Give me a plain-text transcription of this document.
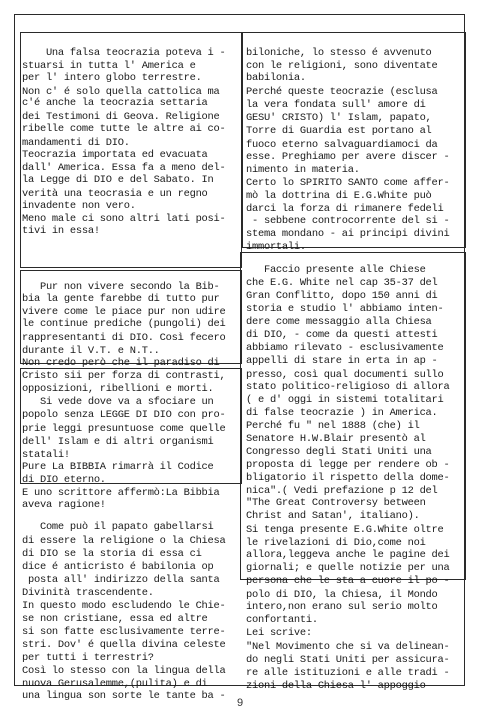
Una falsa teocrazia poteva i -
stuarsi in tutta l' America e
per l' intero globo terrestre.
Non c' é solo quella cattolica ma
c'é anche la teocrazia settaria
dei Testimoni di Geova. Religione
ribelle come tutte le altre ai co-
mandamenti di DIO.
Teocrazia importata ed evacuata
dall' America. Essa fa a meno del-
la Legge di DIO e del Sabato. In
verità una teocrasia e un regno
invadente non vero.
Meno male ci sono altri lati posi-
tivi in essa!
Pur non vivere secondo la Bib-
bia la gente farebbe di tutto pur
vivere come le piace pur non udire
le continue prediche (pungoli) dei
rappresentanti di DIO. Così fecero
durante il V.T. e N.T..
Non credo però che il paradiso di
Cristo sii per forza di contrasti,
opposizioni, ribellioni e morti.
Si vede dove va a sfociare un
popolo senza LEGGE DI DIO con pro-
prie leggi presuntuose come quelle
dell' Islam e di altri organismi
statali!
Pure La BIBBIA rimarrà il Codice
di DIO eterno.
E uno scrittore affermò:La Bibbia
aveva ragione!
Come può il papato gabellarsi
di essere la religione o la Chiesa
di DIO se la storia di essa ci
dice é anticristo é babilonia op
posta all' indirizzo della santa
Divinità trascendente.
In questo modo escludendo le Chie-
se non cristiane, essa ed altre
si son fatte esclusivamente terre-
stri. Dov' é quella divina celeste
per tutti i terrestri?
Così lo stesso con la lingua della
nuova Gerusalemme,(pulita) e di
una lingua son sorte le tante ba -
biloniche, lo stesso é avvenuto
con le religioni, sono diventate
babilonia.
Perché queste teocrazie (esclusa
la vera fondata sull' amore di
GESU' CRISTO) l' Islam, papato,
Torre di Guardia est portano al
fuoco eterno salvaguardiamoci da
esse. Preghiamo per avere discer -
nimento in materia.
Certo lo SPIRITO SANTO come affer-
mò la dottrina di E.G.White può
darci la forza di rimanere fedeli
- sebbene controcorrente del si -
stema mondano - ai principi divini
immortali.
Faccio presente alle Chiese
che E.G. White nel cap 35-37 del
Gran Conflitto, dopo 150 anni di
storia e studio l' abbiamo inten-
dere come messaggio alla Chiesa
di DIO, - come da questi attesti
abbiamo rilevato - esclusivamente
appelli di stare in erta in ap -
presso, così qual documenti sullo
stato politico-religioso di allora
( e d' oggi in sistemi totalitari
di false teocrazie ) in America.
Perché fu " nel 1888 (che) il
Senatore H.W.Blair presentò al
Congresso degli Stati Uniti una
proposta di legge per rendere ob -
bligatorio il rispetto della dome-
nica".( Vedi prefazione p 12 del
"The Great Controversy between
Christ and Satan', italiano).
Si tenga presente E.G.White oltre
le rivelazioni di Dio,come noi
allora,leggeva anche le pagine dei
giornali; e quelle notizie per una
persona che le sta a cuore il po -
polo di DIO, la Chiesa, il Mondo
intero,non erano sul serio molto
confortanti.
Lei scrive:
"Nel Movimento che si va delinean-
do negli Stati Uniti per assicura-
re alle istituzioni e alle tradi -
zioni della Chiesa l' appoggio
9
